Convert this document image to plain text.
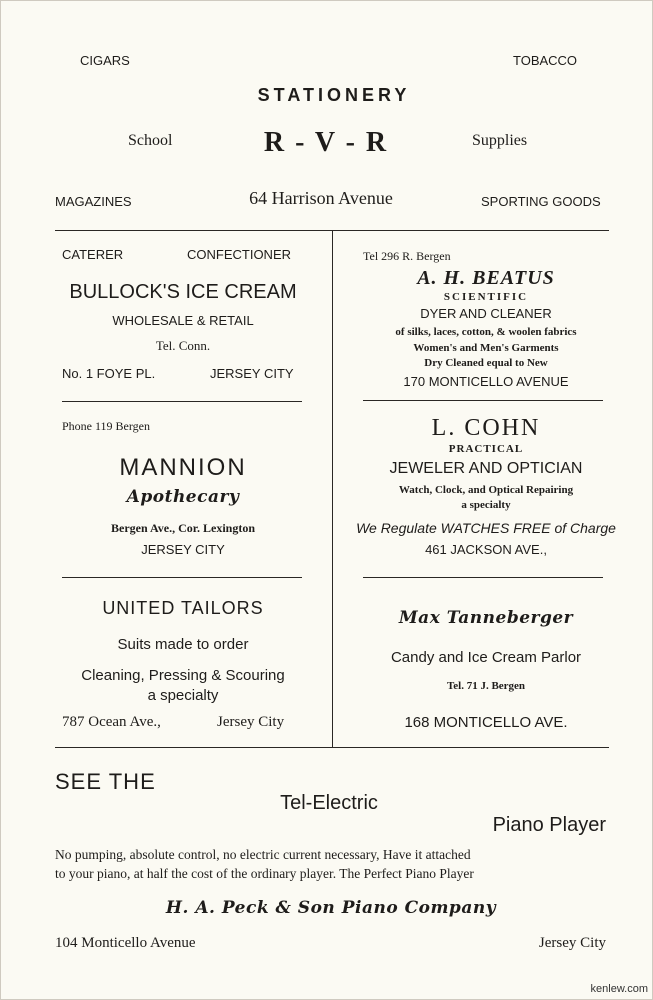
CIGARS	TOBACCO
STATIONERY
School	R - V - R	Supplies
MAGAZINES	64 Harrison Avenue	SPORTING GOODS
CATERER	CONFECTIONER
BULLOCK'S ICE CREAM
WHOLESALE & RETAIL
Tel. Conn.
No. 1 FOYE PL.	JERSEY CITY
Tel 296 R. Bergen
A. H. BEATUS
SCIENTIFIC
DYER AND CLEANER
of silks, laces, cotton, & woolen fabrics
Women's and Men's Garments
Dry Cleaned equal to New
170 MONTICELLO AVENUE
Phone 119 Bergen
MANNION
Apothecary
Bergen Ave., Cor. Lexington
JERSEY CITY
L. COHN
PRACTICAL
JEWELER AND OPTICIAN
Watch, Clock, and Optical Repairing
a specialty
We Regulate WATCHES FREE of Charge
461 JACKSON AVE.,
UNITED TAILORS
Suits made to order
Cleaning, Pressing & Scouring
a specialty
787 Ocean Ave.,	Jersey City
Max Tanneberger
Candy and Ice Cream Parlor
Tel. 71 J. Bergen
168 MONTICELLO AVE.
SEE THE
Tel-Electric
Piano Player
No pumping, absolute control, no electric current necessary, Have it attached
to your piano, at half the cost of the ordinary player. The Perfect Piano Player
H. A. Peck & Son Piano Company
104 Monticello Avenue	Jersey City
kenlew.com
